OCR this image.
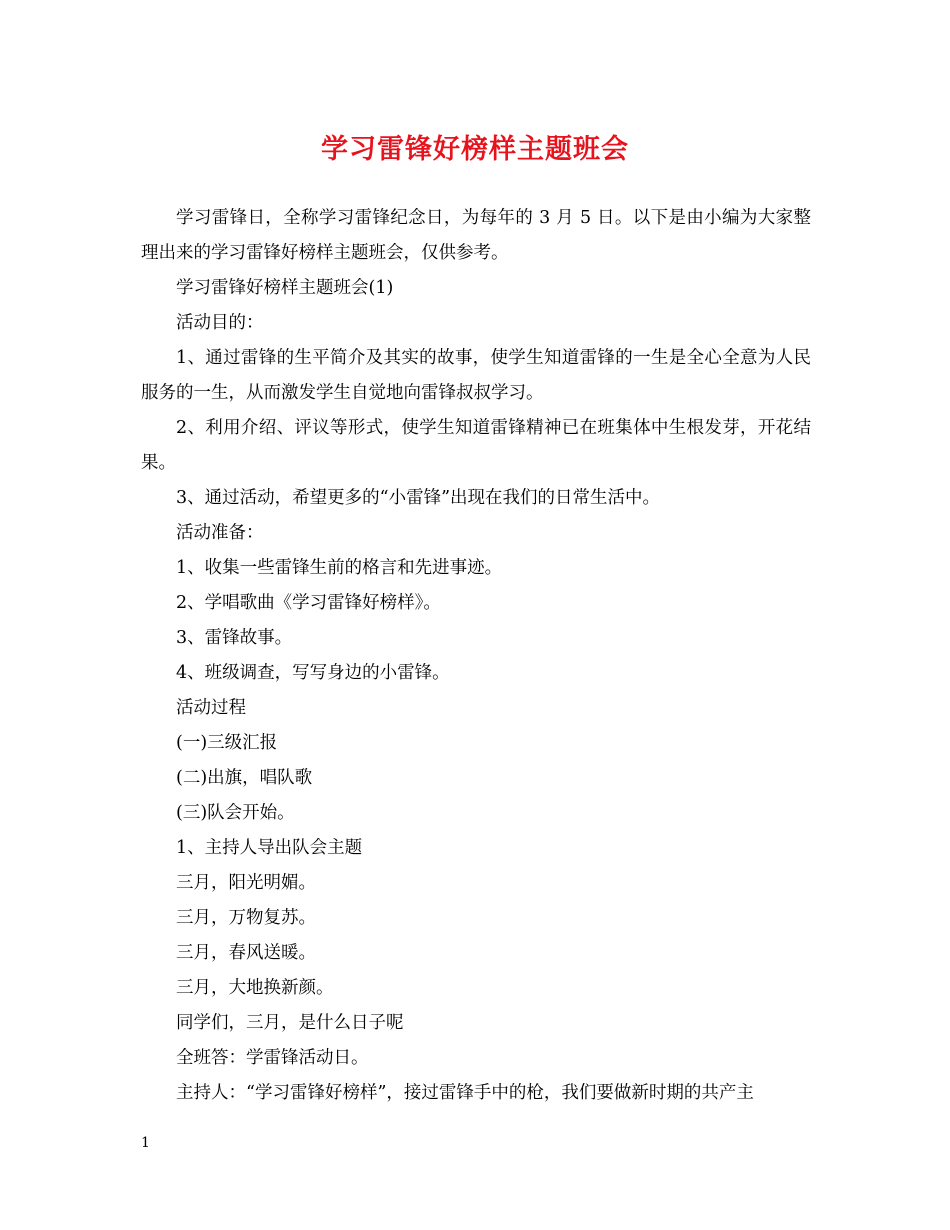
学习雷锋好榜样主题班会

学习雷锋日，全称学习雷锋纪念日，为每年的 3 月 5 日。以下是由小编为大家整理出来的学习雷锋好榜样主题班会，仅供参考。

学习雷锋好榜样主题班会(1)

活动目的：

1、通过雷锋的生平简介及其实的故事，使学生知道雷锋的一生是全心全意为人民服务的一生，从而激发学生自觉地向雷锋叔叔学习。

2、利用介绍、评议等形式，使学生知道雷锋精神已在班集体中生根发芽，开花结果。

3、通过活动，希望更多的“小雷锋”出现在我们的日常生活中。

活动准备：

1、收集一些雷锋生前的格言和先进事迹。

2、学唱歌曲《学习雷锋好榜样》。

3、雷锋故事。

4、班级调查，写写身边的小雷锋。

活动过程

(一)三级汇报

(二)出旗，唱队歌

(三)队会开始。

1、主持人导出队会主题

三月，阳光明媚。

三月，万物复苏。

三月，春风送暖。

三月，大地换新颜。

同学们，三月，是什么日子呢

全班答：学雷锋活动日。

主持人：“学习雷锋好榜样”，接过雷锋手中的枪，我们要做新时期的共产主

1
